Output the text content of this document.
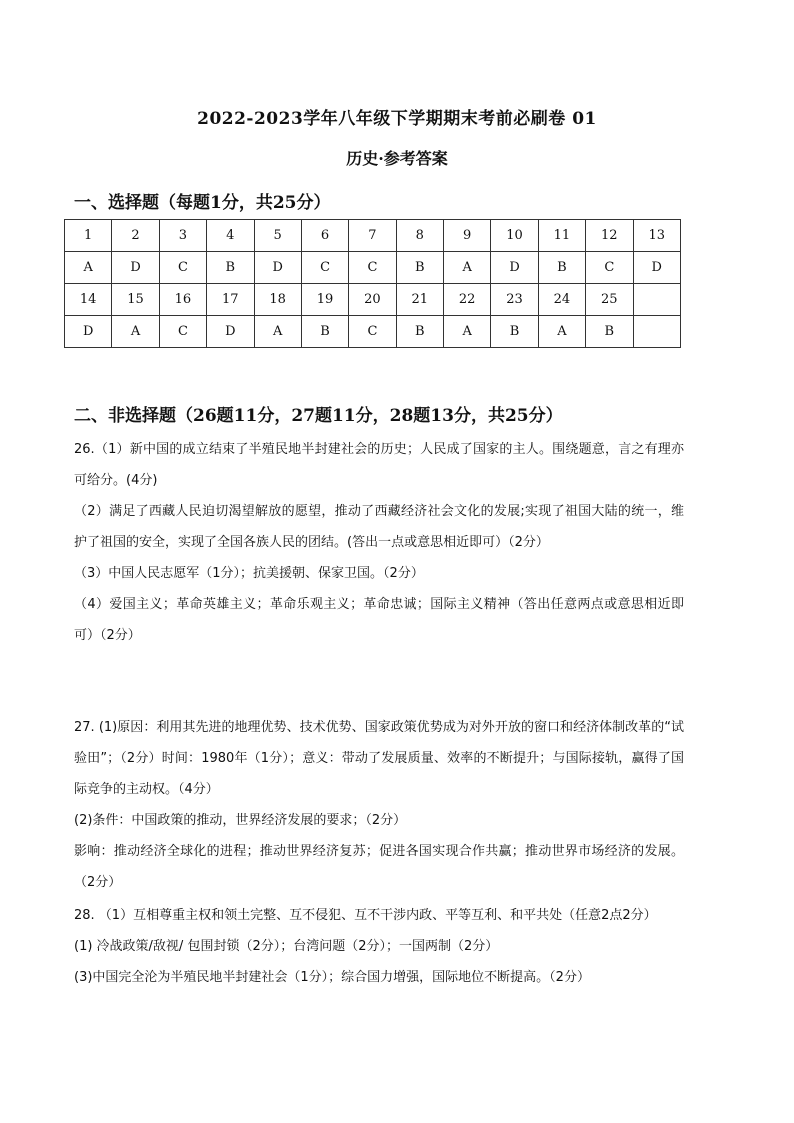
2022-2023学年八年级下学期期末考前必刷卷 01
历史·参考答案
一、选择题（每题1分，共25分）
1	2	3	4	5	6	7	8	9	10	11	12	13
A	D	C	B	D	C	C	B	A	D	B	C	D
14	15	16	17	18	19	20	21	22	23	24	25	
D	A	C	D	A	B	C	B	A	B	A	B	
二、非选择题（26题11分，27题11分，28题13分，共25分）

26.（1）新中国的成立结束了半殖民地半封建社会的历史；人民成了国家的主人。围绕题意，言之有理亦可给分。(4分)

（2）满足了西藏人民迫切渴望解放的愿望，推动了西藏经济社会文化的发展;实现了祖国大陆的统一，维护了祖国的安全，实现了全国各族人民的团结。(答出一点或意思相近即可）（2分）

（3）中国人民志愿军（1分）；抗美援朝、保家卫国。（2分）

（4）爱国主义；革命英雄主义；革命乐观主义；革命忠诚；国际主义精神（答出任意两点或意思相近即可）（2分）

27. (1)原因：利用其先进的地理优势、技术优势、国家政策优势成为对外开放的窗口和经济体制改革的“试验田”；（2分）时间：1980年（1分）；意义：带动了发展质量、效率的不断提升；与国际接轨，赢得了国际竞争的主动权。（4分）

(2)条件：中国政策的推动，世界经济发展的要求；（2分）

影响：推动经济全球化的进程；推动世界经济复苏；促进各国实现合作共赢；推动世界市场经济的发展。（2分）

28. （1）互相尊重主权和领土完整、互不侵犯、互不干涉内政、平等互利、和平共处（任意2点2分）

(1) 冷战政策/敌视/ 包围封锁（2分）；台湾问题（2分）；一国两制（2分）

(3)中国完全沦为半殖民地半封建社会（1分）；综合国力增强，国际地位不断提高。（2分）
